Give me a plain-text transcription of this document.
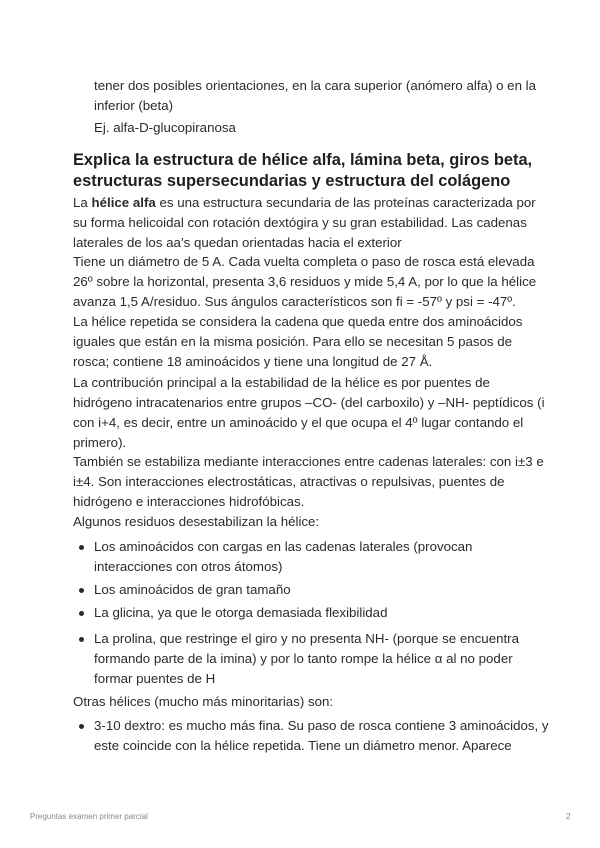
tener dos posibles orientaciones, en la cara superior (anómero alfa) o en la inferior (beta)

Ej. alfa-D-glucopiranosa

Explica la estructura de hélice alfa, lámina beta, giros beta, estructuras supersecundarias y estructura del colágeno

La hélice alfa es una estructura secundaria de las proteínas caracterizada por su forma helicoidal con rotación dextógira y su gran estabilidad. Las cadenas laterales de los aa’s quedan orientadas hacia el exterior

Tiene un diámetro de 5 A. Cada vuelta completa o paso de rosca está elevada 26º sobre la horizontal, presenta 3,6 residuos y mide 5,4 A, por lo que la hélice avanza 1,5 A/residuo. Sus ángulos característicos son fi = -57º y psi = -47º.

La hélice repetida se considera la cadena que queda entre dos aminoácidos iguales que están en la misma posición. Para ello se necesitan 5 pasos de rosca; contiene 18 aminoácidos y tiene una longitud de 27 Å.

La contribución principal a la estabilidad de la hélice es por puentes de hidrógeno intracatenarios entre grupos –CO- (del carboxilo) y –NH- peptídicos (i con i+4, es decir, entre un aminoácido y el que ocupa el 4º lugar contando el primero).

También se estabiliza mediante interacciones entre cadenas laterales: con i±3 e i±4. Son interacciones electrostáticas, atractivas o repulsivas, puentes de hidrógeno e interacciones hidrofóbicas.

Algunos residuos desestabilizan la hélice:

Los aminoácidos con cargas en las cadenas laterales (provocan interacciones con otros átomos)
Los aminoácidos de gran tamaño
La glicina, ya que le otorga demasiada flexibilidad
La prolina, que restringe el giro y no presenta NH- (porque se encuentra formando parte de la imina) y por lo tanto rompe la hélice α al no poder formar puentes de H

Otras hélices (mucho más minoritarias) son:

3-10 dextro: es mucho más fina. Su paso de rosca contiene 3 aminoácidos, y este coincide con la hélice repetida. Tiene un diámetro menor. Aparece
Preguntas examen primer parcial	2
